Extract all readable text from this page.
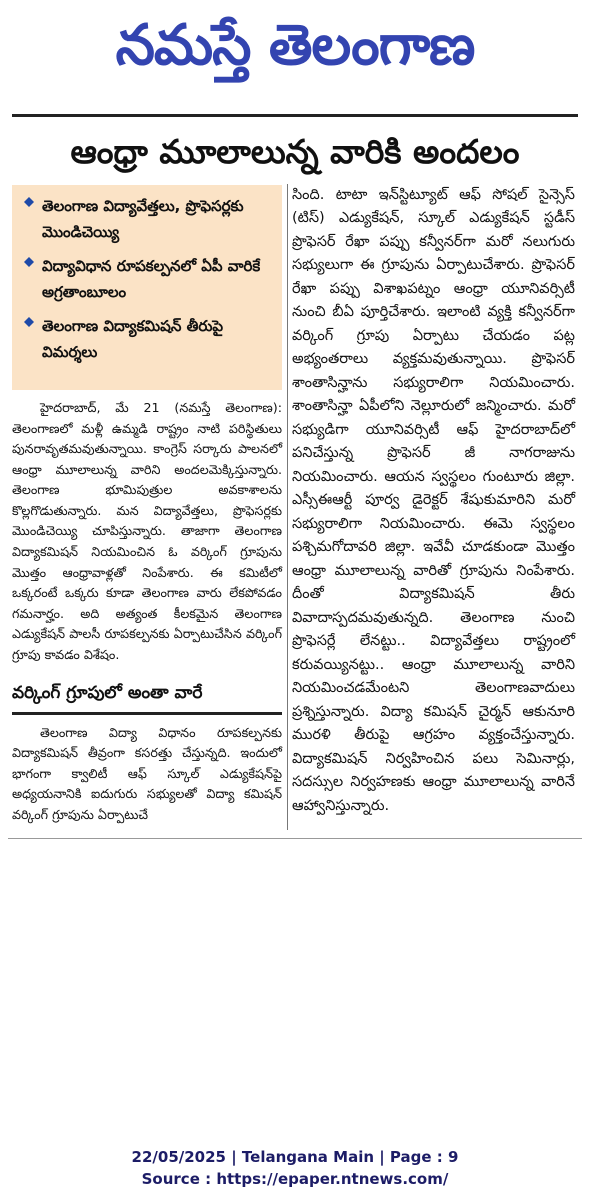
నమస్తే తెలంగాణ
ఆంధ్రా మూలాలున్న వారికి అందలం
తెలంగాణ విద్యావేత్తలు, ప్రొఫెసర్లకు మొండిచెయ్యి
విద్యావిధాన రూపకల్పనలో ఏపీ వారికే అగ్రతాంబూలం
తెలంగాణ విద్యాకమిషన్ తీరుపై విమర్శలు

హైదరాబాద్, మే 21 (నమస్తే తెలంగాణ): తెలంగాణలో మళ్లీ ఉమ్మడి రాష్ట్రం నాటి పరిస్థితులు పునరావృతమవుతున్నాయి. కాంగ్రెస్ సర్కారు పాలనలో ఆంధ్రా మూలాలున్న వారిని అందలమెక్కిస్తున్నారు. తెలంగాణ భూమిపుత్రుల అవకాశాలను కొల్లగొడుతున్నారు. మన విద్యావేత్తలు, ప్రొఫెసర్లకు మొండిచెయ్యి చూపిస్తున్నారు. తాజాగా తెలంగాణ విద్యాకమిషన్ నియమించిన ఓ వర్కింగ్ గ్రూపును మొత్తం ఆంధ్రావాళ్లతో నింపేశారు. ఈ కమిటీలో ఒక్కరంటే ఒక్కరు కూడా తెలంగాణ వారు లేకపోవడం గమనార్హం. అది అత్యంత కీలకమైన తెలంగాణ ఎడ్యుకేషన్ పాలసీ రూపకల్పనకు ఏర్పాటుచేసిన వర్కింగ్ గ్రూపు కావడం విశేషం.

వర్కింగ్ గ్రూపులో అంతా వారే

తెలంగాణ విద్యా విధానం రూపకల్పనకు విద్యాకమిషన్ తీవ్రంగా కసరత్తు చేస్తున్నది. ఇందులో భాగంగా క్వాలిటీ ఆఫ్ స్కూల్ ఎడ్యుకేషన్‌పై అధ్యయనానికి ఐదుగురు సభ్యులతో విద్యా కమిషన్ వర్కింగ్ గ్రూపును ఏర్పాటుచే

సింది. టాటా ఇన్‌స్టిట్యూట్ ఆఫ్ సోషల్ సైన్సెస్ (టిస్) ఎడ్యుకేషన్, స్కూల్ ఎడ్యుకేషన్ స్టడీస్ ప్రొఫెసర్ రేఖా పప్పు కన్వీనర్‌గా మరో నలుగురు సభ్యులుగా ఈ గ్రూపును ఏర్పాటుచేశారు. ప్రొఫెసర్ రేఖా పప్పు విశాఖపట్నం ఆంధ్రా యూనివర్సిటీ నుంచి బీఏ పూర్తిచేశారు. ఇలాంటి వ్యక్తి కన్వీనర్‌గా వర్కింగ్ గ్రూపు ఏర్పాటు చేయడం పట్ల అభ్యంతరాలు వ్యక్తమవుతున్నాయి. ప్రొఫెసర్ శాంతాసిన్హాను సభ్యురాలిగా నియమించారు. శాంతాసిన్హా ఏపీలోని నెల్లూరులో జన్మించారు. మరో సభ్యుడిగా యూనివర్సిటీ ఆఫ్ హైదరాబాద్‌లో పనిచేస్తున్న ప్రొఫెసర్ జీ నాగరాజును నియమించారు. ఆయన స్వస్థలం గుంటూరు జిల్లా. ఎస్సీఈఆర్టీ పూర్వ డైరెక్టర్ శేషుకుమారిని మరో సభ్యురాలిగా నియమించారు. ఈమె స్వస్థలం పశ్చిమగోదావరి జిల్లా. ఇవేవీ చూడకుండా మొత్తం ఆంధ్రా మూలాలున్న వారితో గ్రూపును నింపేశారు. దీంతో విద్యాకమిషన్ తీరు వివాదాస్పదమవుతున్నది. తెలంగాణ నుంచి ప్రొఫెసర్లే లేనట్టు.. విద్యావేత్తలు రాష్ట్రంలో కరువయ్యినట్టు.. ఆంధ్రా మూలాలున్న వారిని నియమించడమేంటని తెలంగాణవాదులు ప్రశ్నిస్తున్నారు. విద్యా కమిషన్ చైర్మన్ ఆకునూరి మురళి తీరుపై ఆగ్రహం వ్యక్తంచేస్తున్నారు. విద్యాకమిషన్ నిర్వహించిన పలు సెమినార్లు, సదస్సుల నిర్వహణకు ఆంధ్రా మూలాలున్న వారినే ఆహ్వానిస్తున్నారు.

22/05/2025 | Telangana Main | Page : 9
Source : https://epaper.ntnews.com/
